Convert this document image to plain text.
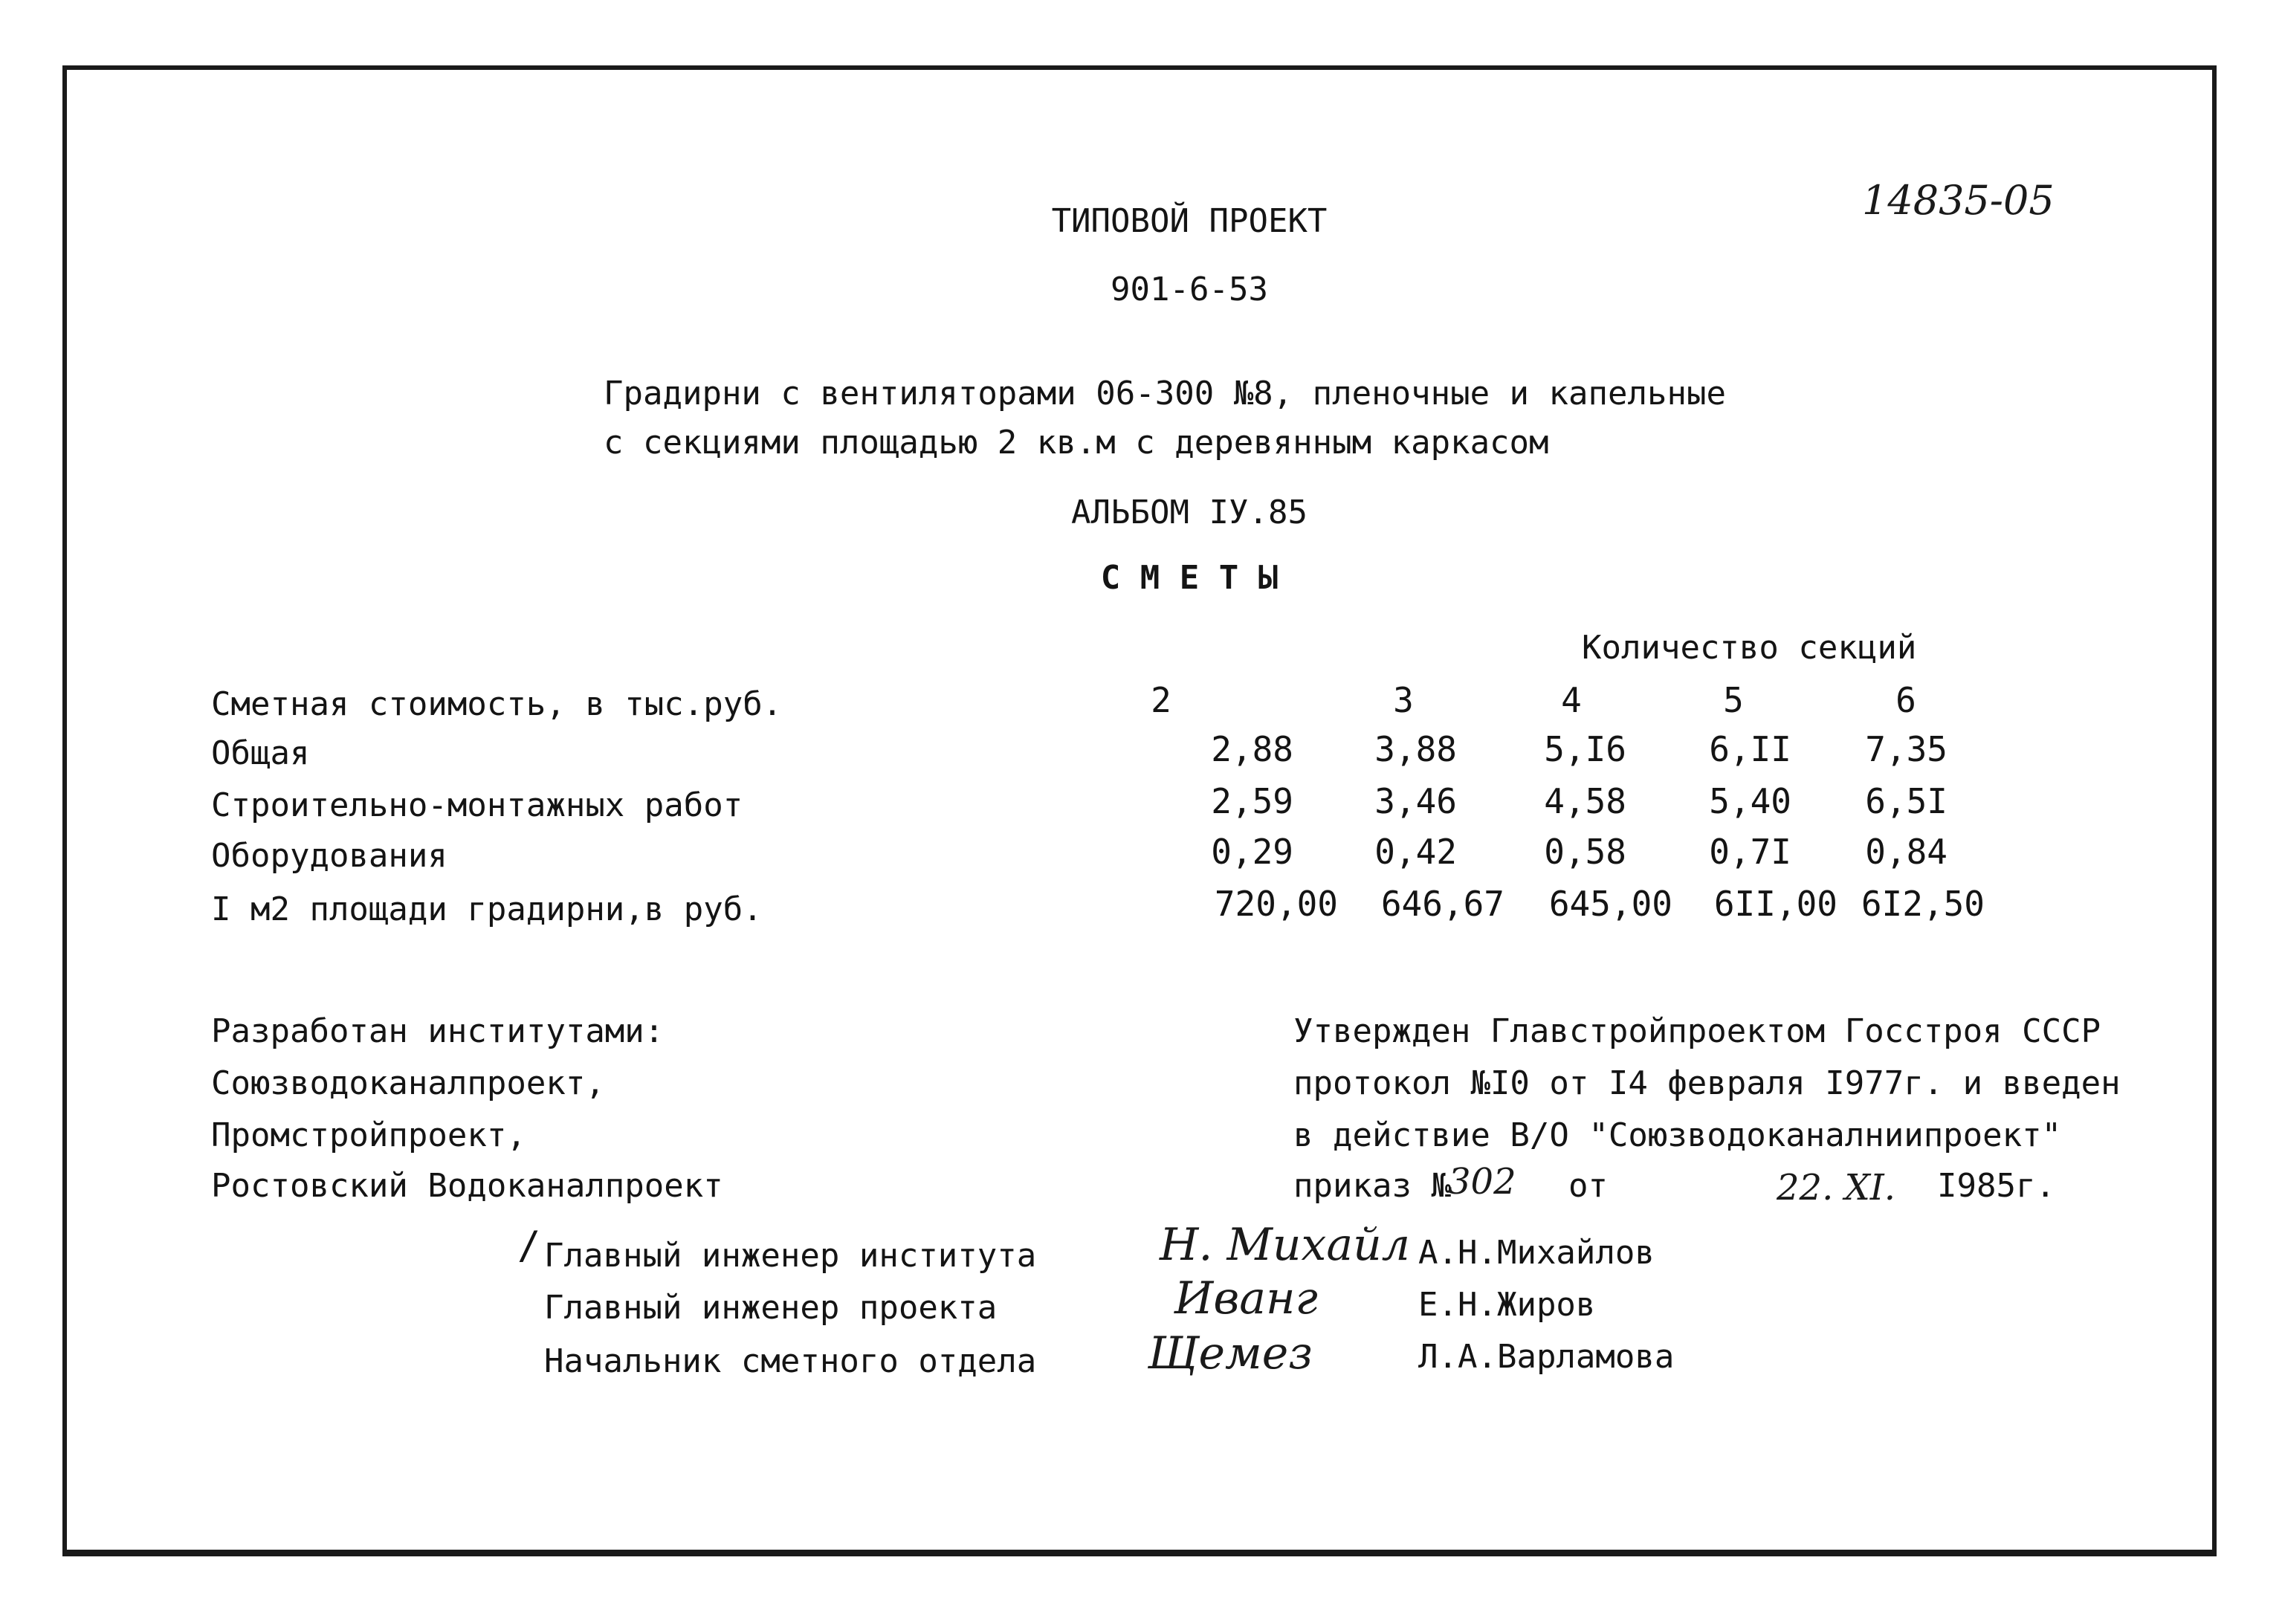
14835-05
ТИПОВОЙ ПРОЕКТ
901-6-53
Градирни с вентиляторами 06-300 №8, пленочные и капельные
с секциями площадью 2 кв.м с деревянным каркасом
АЛЬБОМ IУ.85
С М Е Т Ы
Количество секций
Сметная стоимость, в тыс.руб.	2	3	4	5	6
Общая	2,88	3,88	5,I6	6,II	7,35
Строительно-монтажных работ	2,59	3,46	4,58	5,40	6,5I
Оборудования	0,29	0,42	0,58	0,7I	0,84
I м2 площади градирни,в руб.	720,00	646,67	645,00	6II,00 6I2,50
Разработан институтами:
Союзводоканалпроект,
Промстройпроект,
Ростовский Водоканалпроект
Утвержден Главстройпроектом Госстроя СССР
протокол №I0 от I4 февраля I977г. и введен
в действие В/О "Союзводоканалниипроект"
приказ №
302 от	22. XI. I985г.
/ Главный инженер института	Н. Михайл А.Н.Михайлов
Главный инженер проекта	Иванг	Е.Н.Жиров
Начальник сметного отдела Щемез	Л.А.Варламова
